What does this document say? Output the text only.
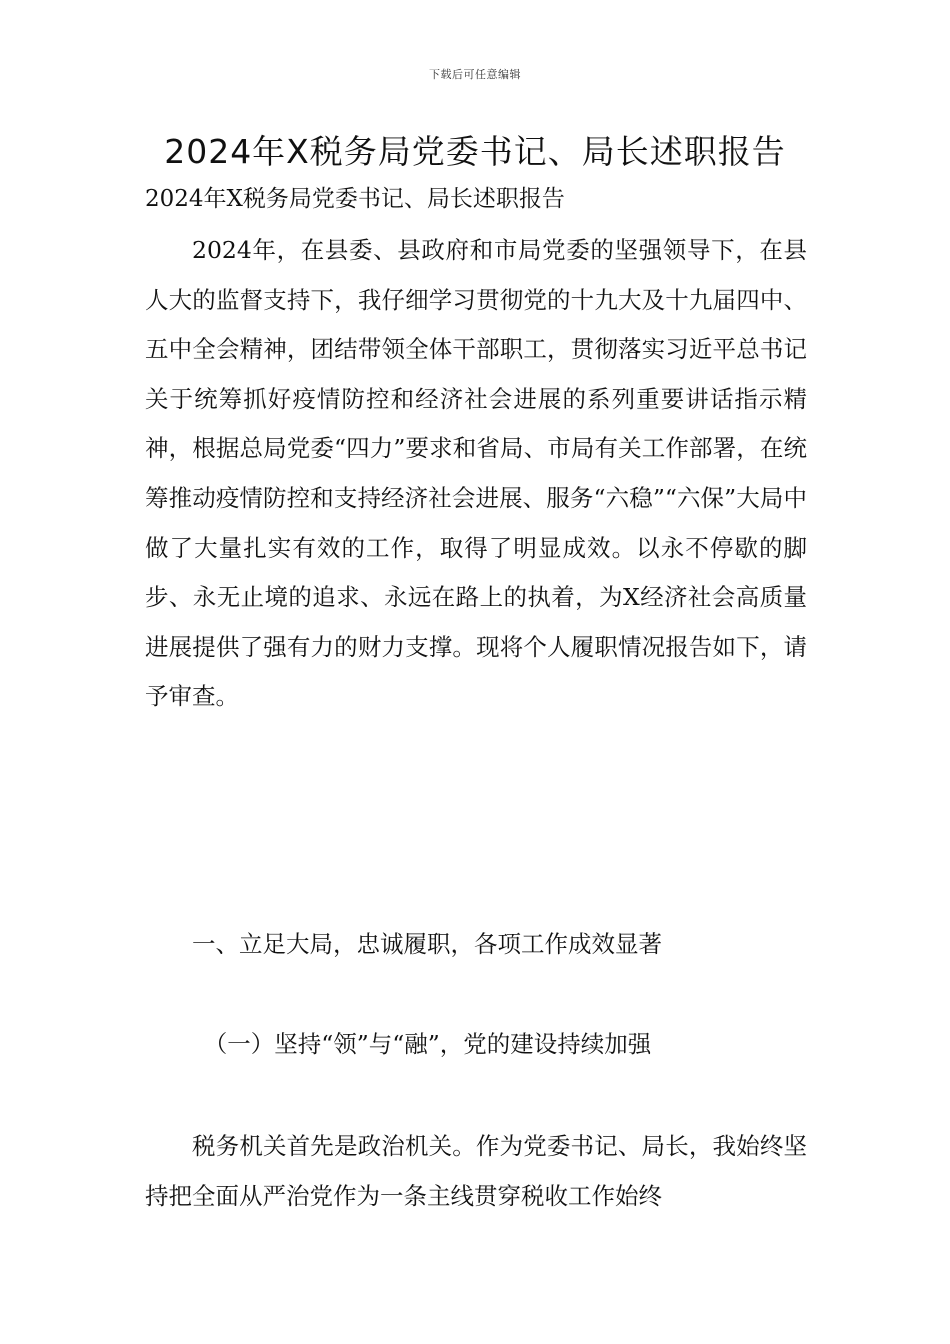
下载后可任意编辑
2024年X税务局党委书记、局长述职报告
2024年X税务局党委书记、局长述职报告

2024年，在县委、县政府和市局党委的坚强领导下，在县人大的监督支持下，我仔细学习贯彻党的十九大及十九届四中、五中全会精神，团结带领全体干部职工，贯彻落实习近平总书记关于统筹抓好疫情防控和经济社会进展的系列重要讲话指示精神，根据总局党委“四力”要求和省局、市局有关工作部署，在统筹推动疫情防控和支持经济社会进展、服务“六稳”“六保”大局中做了大量扎实有效的工作，取得了明显成效。以永不停歇的脚步、永无止境的追求、永远在路上的执着，为X经济社会高质量进展提供了强有力的财力支撑。现将个人履职情况报告如下，请予审查。

一、立足大局，忠诚履职，各项工作成效显著

（一）坚持“领”与“融”，党的建设持续加强

税务机关首先是政治机关。作为党委书记、局长，我始终坚持把全面从严治党作为一条主线贯穿税收工作始终
